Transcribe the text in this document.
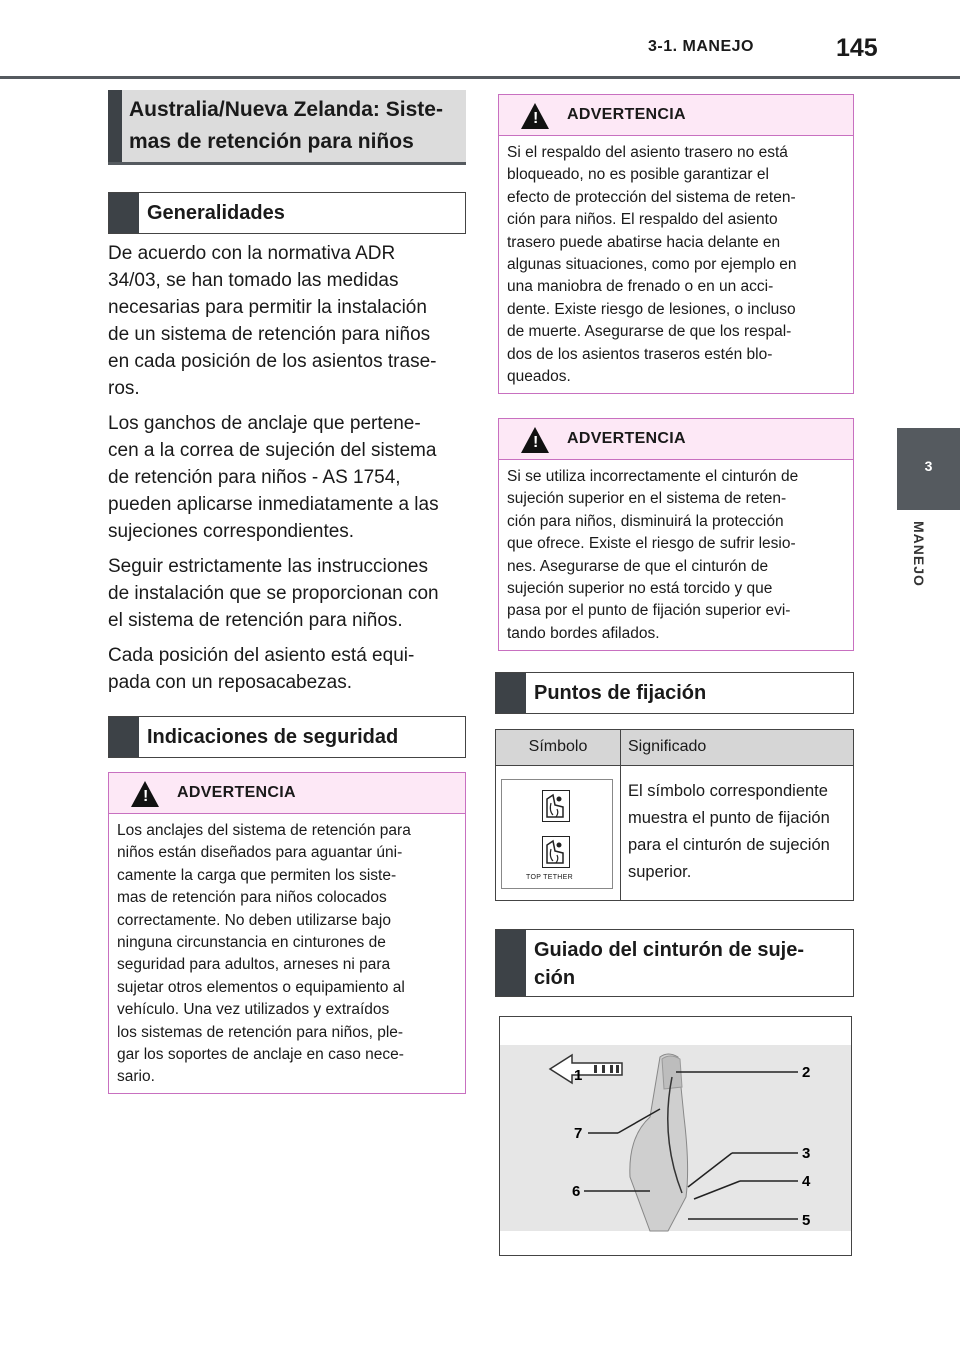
3-1. MANEJO	145
3
MANEJO
Australia/Nueva Zelanda: Siste-
mas de retención para niños
Generalidades

De acuerdo con la normativa ADR
34/03, se han tomado las medidas
necesarias para permitir la instalación
de un sistema de retención para niños
en cada posición de los asientos trase-
ros.

Los ganchos de anclaje que pertene-
cen a la correa de sujeción del sistema
de retención para niños - AS 1754,
pueden aplicarse inmediatamente a las
sujeciones correspondientes.

Seguir estrictamente las instrucciones
de instalación que se proporcionan con
el sistema de retención para niños.

Cada posición del asiento está equi-
pada con un reposacabezas.

Indicaciones de seguridad
! ADVERTENCIA
Los anclajes del sistema de retención para
niños están diseñados para aguantar úni-
camente la carga que permiten los siste-
mas de retención para niños colocados
correctamente. No deben utilizarse bajo
ninguna circunstancia en cinturones de
seguridad para adultos, arneses ni para
sujetar otros elementos o equipamiento al
vehículo. Una vez utilizados y extraídos
los sistemas de retención para niños, ple-
gar los soportes de anclaje en caso nece-
sario.
! ADVERTENCIA
Si el respaldo del asiento trasero no está
bloqueado, no es posible garantizar el
efecto de protección del sistema de reten-
ción para niños. El respaldo del asiento
trasero puede abatirse hacia delante en
algunas situaciones, como por ejemplo en
una maniobra de frenado o en un acci-
dente. Existe riesgo de lesiones, o incluso
de muerte. Asegurarse de que los respal-
dos de los asientos traseros estén blo-
queados.
! ADVERTENCIA
Si se utiliza incorrectamente el cinturón de
sujeción superior en el sistema de reten-
ción para niños, disminuirá la protección
que ofrece. Existe el riesgo de sufrir lesio-
nes. Asegurarse de que el cinturón de
sujeción superior no está torcido y que
pasa por el punto de fijación superior evi-
tando bordes afilados.
Puntos de fijación
Símbolo	Significado
TOP TETHER
El símbolo correspondiente
muestra el punto de fijación
para el cinturón de sujeción
superior.
Guiado del cinturón de suje-
ción
1	2
3
4
5
6
7
